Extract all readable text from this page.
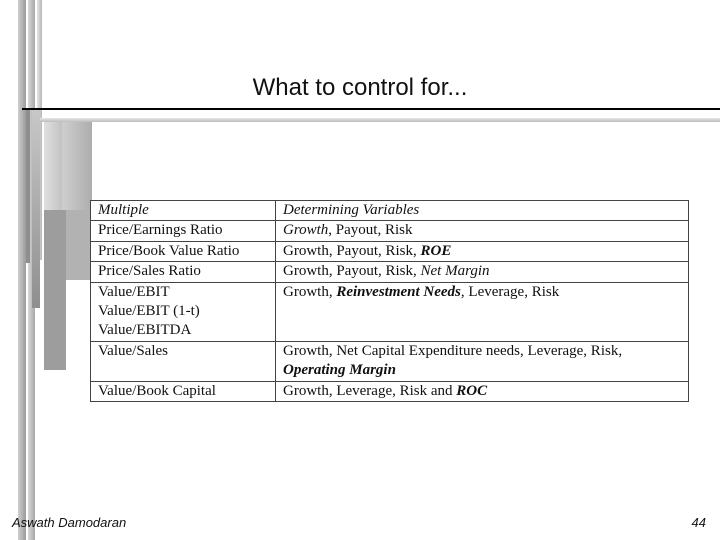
What to control for...
Multiple	Determining Variables

Price/Earnings Ratio	Growth, Payout, Risk

Price/Book Value Ratio	Growth, Payout, Risk, ROE

Price/Sales Ratio	Growth, Payout, Risk, Net Margin

Value/EBIT
Value/EBIT (1-t)
Value/EBITDA	Growth, Reinvestment Needs, Leverage, Risk

Value/Sales	Growth, Net Capital Expenditure needs, Leverage, Risk,
Operating Margin

Value/Book Capital	Growth, Leverage, Risk and ROC
Aswath Damodaran	44
